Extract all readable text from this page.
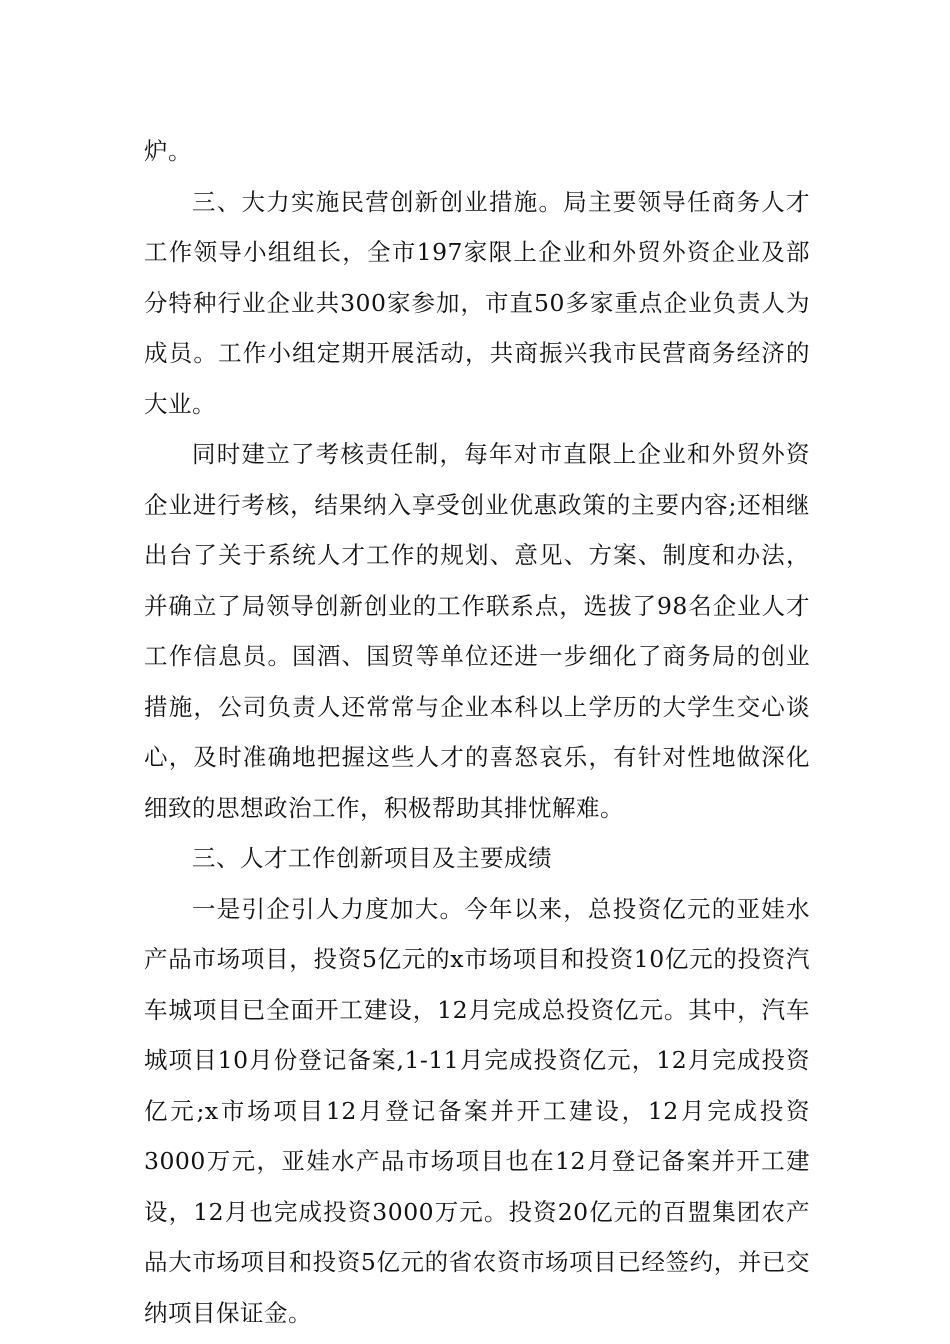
炉。

三、大力实施民营创新创业措施。局主要领导任商务人才工作领导小组组长，全市197家限上企业和外贸外资企业及部分特种行业企业共300家参加，市直50多家重点企业负责人为成员。工作小组定期开展活动，共商振兴我市民营商务经济的大业。

同时建立了考核责任制，每年对市直限上企业和外贸外资企业进行考核，结果纳入享受创业优惠政策的主要内容;还相继出台了关于系统人才工作的规划、意见、方案、制度和办法，并确立了局领导创新创业的工作联系点，选拔了98名企业人才工作信息员。国酒、国贸等单位还进一步细化了商务局的创业措施，公司负责人还常常与企业本科以上学历的大学生交心谈心，及时准确地把握这些人才的喜怒哀乐，有针对性地做深化细致的思想政治工作，积极帮助其排忧解难。

三、人才工作创新项目及主要成绩

一是引企引人力度加大。今年以来，总投资亿元的亚娃水产品市场项目，投资5亿元的x市场项目和投资10亿元的投资汽车城项目已全面开工建设，12月完成总投资亿元。其中，汽车城项目10月份登记备案,1-11月完成投资亿元，12月完成投资亿元;x市场项目12月登记备案并开工建设，12月完成投资3000万元，亚娃水产品市场项目也在12月登记备案并开工建设，12月也完成投资3000万元。投资20亿元的百盟集团农产品大市场项目和投资5亿元的省农资市场项目已经签约，并已交纳项目保证金。
